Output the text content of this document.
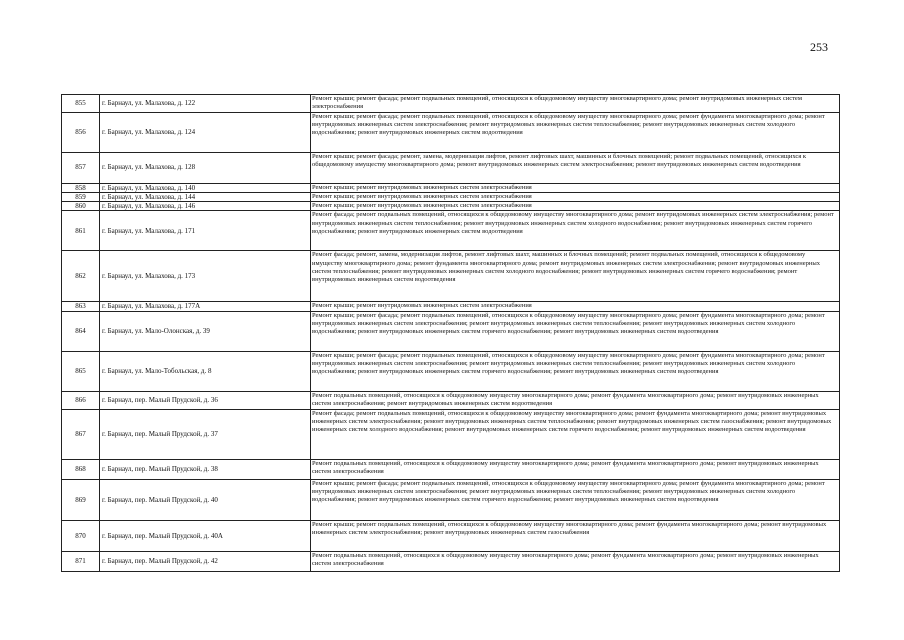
253
855	г. Барнаул, ул. Малахова, д. 122	Ремонт крыши; ремонт фасада; ремонт подвальных помещений, относящихся к общедомовому имуществу многоквартирного дома; ремонт внутридомовых инженерных систем электроснабжения
856	г. Барнаул, ул. Малахова, д. 124	Ремонт крыши; ремонт фасада; ремонт подвальных помещений, относящихся к общедомовому имуществу многоквартирного дома; ремонт фундамента многоквартирного дома; ремонт внутридомовых инженерных систем электроснабжения; ремонт внутридомовых инженерных систем теплоснабжения; ремонт внутридомовых инженерных систем холодного водоснабжения; ремонт внутридомовых инженерных систем водоотведения
857	г. Барнаул, ул. Малахова, д. 128	Ремонт крыши; ремонт фасада; ремонт, замена, модернизация лифтов, ремонт лифтовых шахт, машинных и блочных помещений; ремонт подвальных помещений, относящихся к общедомовому имуществу многоквартирного дома; ремонт внутридомовых инженерных систем электроснабжения; ремонт внутридомовых инженерных систем водоотведения
858	г. Барнаул, ул. Малахова, д. 140	Ремонт крыши; ремонт внутридомовых инженерных систем электроснабжения
859	г. Барнаул, ул. Малахова, д. 144	Ремонт крыши; ремонт внутридомовых инженерных систем электроснабжения
860	г. Барнаул, ул. Малахова, д. 146	Ремонт крыши; ремонт внутридомовых инженерных систем электроснабжения
861	г. Барнаул, ул. Малахова, д. 171	Ремонт фасада; ремонт подвальных помещений, относящихся к общедомовому имуществу многоквартирного дома; ремонт внутридомовых инженерных систем электроснабжения; ремонт внутридомовых инженерных систем теплоснабжения; ремонт внутридомовых инженерных систем холодного водоснабжения; ремонт внутридомовых инженерных систем горячего водоснабжения; ремонт внутридомовых инженерных систем водоотведения
862	г. Барнаул, ул. Малахова, д. 173	Ремонт фасада; ремонт, замена, модернизация лифтов, ремонт лифтовых шахт, машинных и блочных помещений; ремонт подвальных помещений, относящихся к общедомовому имуществу многоквартирного дома; ремонт фундамента многоквартирного дома; ремонт внутридомовых инженерных систем электроснабжения; ремонт внутридомовых инженерных систем теплоснабжения; ремонт внутридомовых инженерных систем холодного водоснабжения; ремонт внутридомовых инженерных систем горячего водоснабжения; ремонт внутридомовых инженерных систем водоотведения
863	г. Барнаул, ул. Малахова, д. 177А	Ремонт крыши; ремонт внутридомовых инженерных систем электроснабжения
864	г. Барнаул, ул. Мало-Олонская, д. 39	Ремонт крыши; ремонт фасада; ремонт подвальных помещений, относящихся к общедомовому имуществу многоквартирного дома; ремонт фундамента многоквартирного дома; ремонт внутридомовых инженерных систем электроснабжения; ремонт внутридомовых инженерных систем теплоснабжения; ремонт внутридомовых инженерных систем холодного водоснабжения; ремонт внутридомовых инженерных систем горячего водоснабжения; ремонт внутридомовых инженерных систем водоотведения
865	г. Барнаул, ул. Мало-Тобольская, д. 8	Ремонт крыши; ремонт фасада; ремонт подвальных помещений, относящихся к общедомовому имуществу многоквартирного дома; ремонт фундамента многоквартирного дома; ремонт внутридомовых инженерных систем электроснабжения; ремонт внутридомовых инженерных систем теплоснабжения; ремонт внутридомовых инженерных систем холодного водоснабжения; ремонт внутридомовых инженерных систем горячего водоснабжения; ремонт внутридомовых инженерных систем водоотведения
866	г. Барнаул, пер. Малый Прудской, д. 36	Ремонт подвальных помещений, относящихся к общедомовому имуществу многоквартирного дома; ремонт фундамента многоквартирного дома; ремонт внутридомовых инженерных систем электроснабжения; ремонт внутридомовых инженерных систем водоотведения
867	г. Барнаул, пер. Малый Прудской, д. 37	Ремонт фасада; ремонт подвальных помещений, относящихся к общедомовому имуществу многоквартирного дома; ремонт фундамента многоквартирного дома; ремонт внутридомовых инженерных систем электроснабжения; ремонт внутридомовых инженерных систем теплоснабжения; ремонт внутридомовых инженерных систем газоснабжения; ремонт внутридомовых инженерных систем холодного водоснабжения; ремонт внутридомовых инженерных систем горячего водоснабжения; ремонт внутридомовых инженерных систем водоотведения
868	г. Барнаул, пер. Малый Прудской, д. 38	Ремонт подвальных помещений, относящихся к общедомовому имуществу многоквартирного дома; ремонт фундамента многоквартирного дома; ремонт внутридомовых инженерных систем электроснабжения
869	г. Барнаул, пер. Малый Прудской, д. 40	Ремонт крыши; ремонт фасада; ремонт подвальных помещений, относящихся к общедомовому имуществу многоквартирного дома; ремонт фундамента многоквартирного дома; ремонт внутридомовых инженерных систем электроснабжения; ремонт внутридомовых инженерных систем теплоснабжения; ремонт внутридомовых инженерных систем холодного водоснабжения; ремонт внутридомовых инженерных систем горячего водоснабжения; ремонт внутридомовых инженерных систем водоотведения
870	г. Барнаул, пер. Малый Прудской, д. 40А	Ремонт крыши; ремонт подвальных помещений, относящихся к общедомовому имуществу многоквартирного дома; ремонт фундамента многоквартирного дома; ремонт внутридомовых инженерных систем электроснабжения; ремонт внутридомовых инженерных систем газоснабжения
871	г. Барнаул, пер. Малый Прудской, д. 42	Ремонт подвальных помещений, относящихся к общедомовому имуществу многоквартирного дома; ремонт фундамента многоквартирного дома; ремонт внутридомовых инженерных систем электроснабжения
